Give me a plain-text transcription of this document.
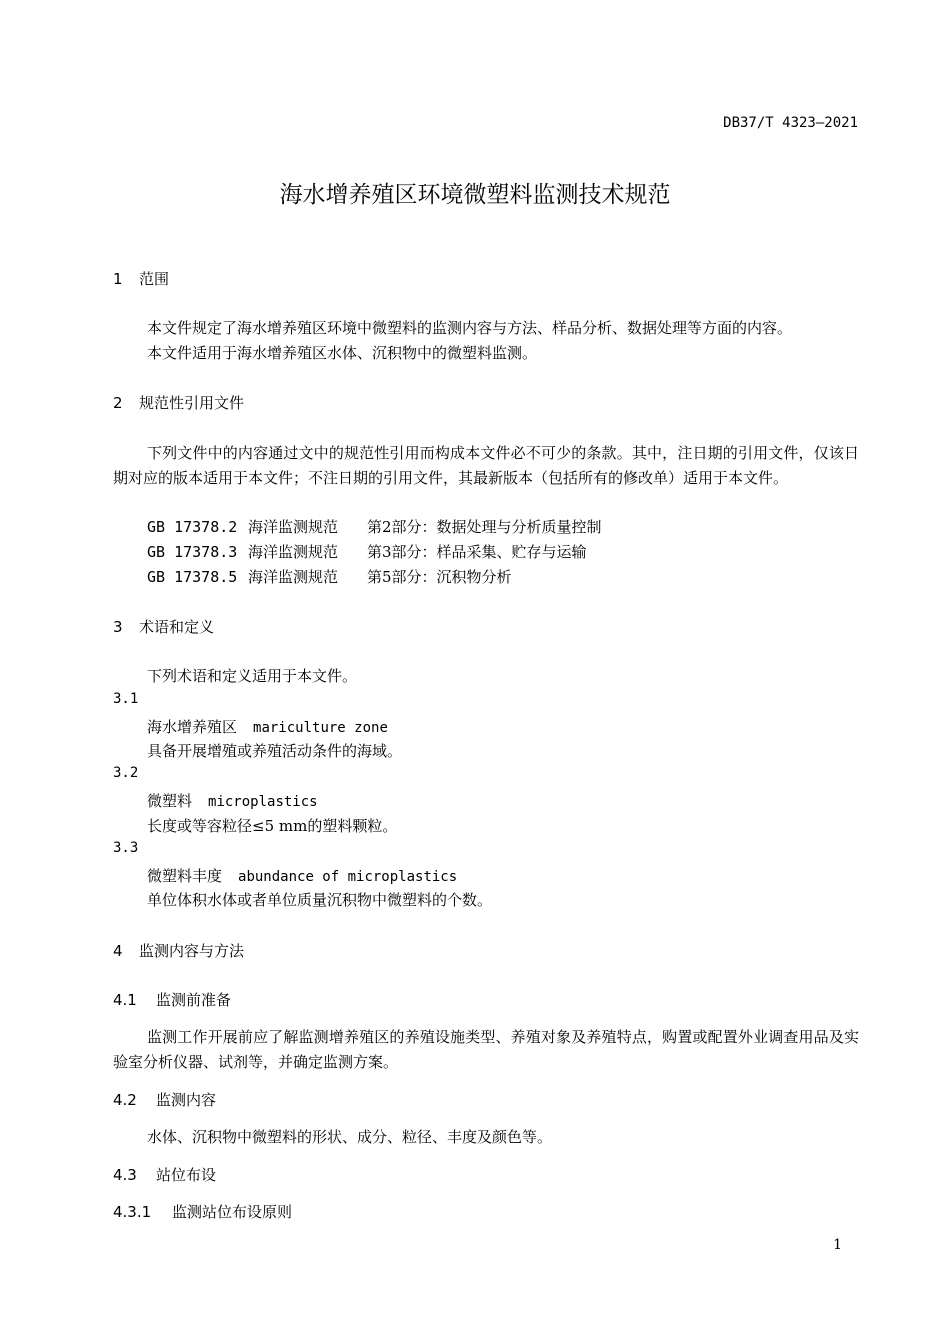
DB37/T 4323—2021
海水增养殖区环境微塑料监测技术规范
1 范围
本文件规定了海水增养殖区环境中微塑料的监测内容与方法、样品分析、数据处理等方面的内容。
本文件适用于海水增养殖区水体、沉积物中的微塑料监测。
2 规范性引用文件
下列文件中的内容通过文中的规范性引用而构成本文件必不可少的条款。其中，注日期的引用文件，仅该日期对应的版本适用于本文件；不注日期的引用文件，其最新版本（包括所有的修改单）适用于本文件。
GB 17378.2 海洋监测规范 第2部分：数据处理与分析质量控制
GB 17378.3 海洋监测规范 第3部分：样品采集、贮存与运输
GB 17378.5 海洋监测规范 第5部分：沉积物分析
3 术语和定义
下列术语和定义适用于本文件。
3.1
海水增养殖区 mariculture zone
具备开展增殖或养殖活动条件的海域。
3.2
微塑料 microplastics
长度或等容粒径≤5 mm的塑料颗粒。
3.3
微塑料丰度 abundance of microplastics
单位体积水体或者单位质量沉积物中微塑料的个数。
4 监测内容与方法
4.1 监测前准备
监测工作开展前应了解监测增养殖区的养殖设施类型、养殖对象及养殖特点，购置或配置外业调查用品及实验室分析仪器、试剂等，并确定监测方案。
4.2 监测内容
水体、沉积物中微塑料的形状、成分、粒径、丰度及颜色等。
4.3 站位布设
4.3.1 监测站位布设原则
1
